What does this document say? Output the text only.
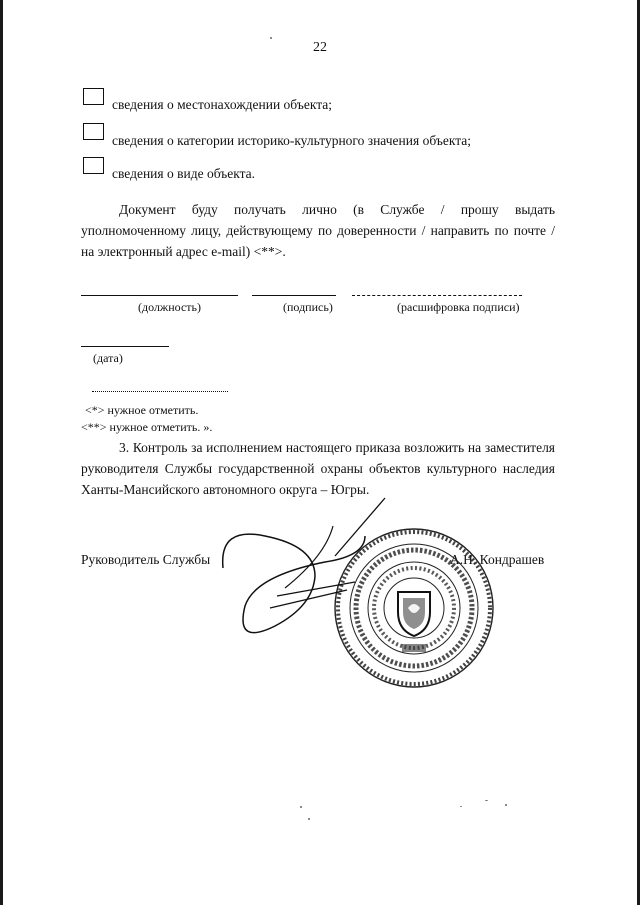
22
сведения о местонахождении объекта;
сведения о категории историко-культурного значения объекта;
сведения о виде объекта.
Документ буду получать лично (в Службе / прошу выдать уполномоченному лицу, действующему по доверенности / направить по почте / на электронный адрес e-mail) <**>.
(должность)	(подпись)	(расшифровка подписи)
(дата)
<*> нужное отметить.
<**> нужное отметить. ».
3. Контроль за исполнением настоящего приказа возложить на заместителя руководителя Службы государственной охраны объектов культурного наследия Ханты-Мансийского автономного округа – Югры.
Руководитель Службы	А.Н. Кондрашев
